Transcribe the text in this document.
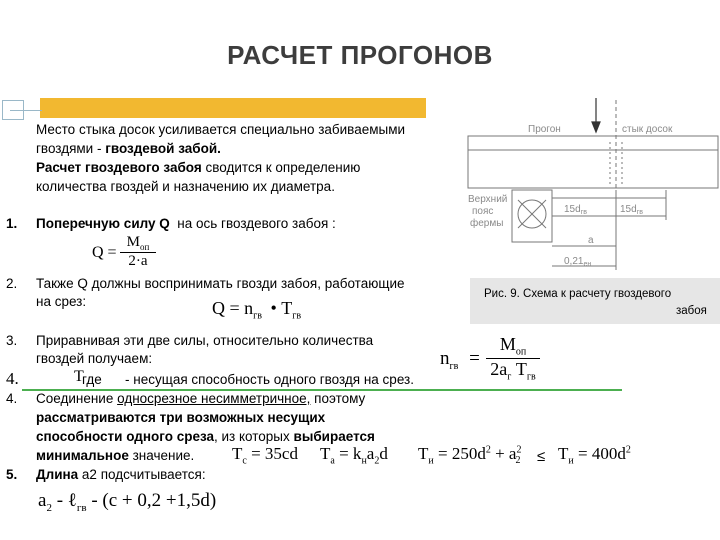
РАСЧЕТ ПРОГОНОВ
Место стыка досок усиливается специально забиваемыми
гвоздями - гвоздевой забой.
Расчет гвоздевого забоя сводится к определению
количества гвоздей и назначению их диаметра.
1. Поперечную силу Q на ось гвоздевого забоя :
Q =
$M_{оп}$
2·a
2. Также Q должны воспринимать гвозди забоя, работающие
на срез:	$Q = n_{гв}$ • $T_{гв}$
Рис. 9. Схема к расчету гвоздевого
забоя
3. Приравнивая эти две силы, относительно количества
гвоздей получаем:	$n_{гв}$ =
$M_{оп}$
$2a_г$ $T_{гв}$
4.	T
где - несущая способность одного гвоздя на срез.
4. Соединение односрезное несимметричное, поэтому
рассматриваются три возможных несущих
способности одного среза, из которых выбирается
минимальное значение. $T_c = 35cd$ $T_a = k_нa_2d$ $T_и = 250d^2 + a^2_2 \le T_и = 400d^2$
5. Длина а2 подсчитывается:
$a_2$ - ℓ$_{гв}$ - (c + 0,2 +1,5d)
Прогон	стык досок
Верхний
пояс
фермы
$15d_{гв}$	$15d_{гв}$
a
$0,21_{ен}$
